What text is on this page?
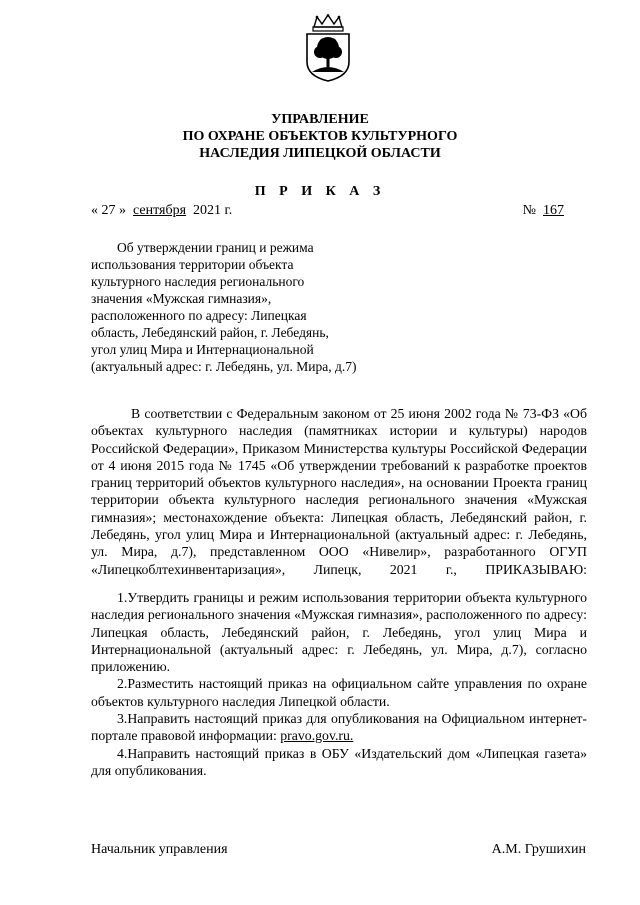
УПРАВЛЕНИЕ
ПО ОХРАНЕ ОБЪЕКТОВ КУЛЬТУРНОГО
НАСЛЕДИЯ ЛИПЕЦКОЙ ОБЛАСТИ
П Р И К А З
« 27 » сентября 2021 г.	№ 167
Об утверждении границ и режима
использования территории объекта
культурного наследия регионального
значения «Мужская гимназия»,
расположенного по адресу: Липецкая
область, Лебедянский район, г. Лебедянь,
угол улиц Мира и Интернациональной
(актуальный адрес: г. Лебедянь, ул. Мира, д.7)

В соответствии с Федеральным законом от 25 июня 2002 года № 73-ФЗ «Об объектах культурного наследия (памятниках истории и культуры) народов Российской Федерации», Приказом Министерства культуры Российской Федерации от 4 июня 2015 года № 1745 «Об утверждении требований к разработке проектов границ территорий объектов культурного наследия», на основании Проекта границ территории объекта культурного наследия регионального значения «Мужская гимназия»; местонахождение объекта: Липецкая область, Лебедянский район, г. Лебедянь, угол улиц Мира и Интернациональной (актуальный адрес: г. Лебедянь, ул. Мира, д.7), представленном ООО «Нивелир», разработанного ОГУП «Липецкоблтехинвентаризация», Липецк, 2021 г., ПРИКАЗЫВАЮ:

1.Утвердить границы и режим использования территории объекта культурного наследия регионального значения «Мужская гимназия», расположенного по адресу: Липецкая область, Лебедянский район, г. Лебедянь, угол улиц Мира и Интернациональной (актуальный адрес: г. Лебедянь, ул. Мира, д.7), согласно приложению.

2.Разместить настоящий приказ на официальном сайте управления по охране объектов культурного наследия Липецкой области.

3.Направить настоящий приказ для опубликования на Официальном интернет-портале правовой информации: pravo.gov.ru.

4.Направить настоящий приказ в ОБУ «Издательский дом «Липецкая газета» для опубликования.

Начальник управления	А.М. Грушихин
